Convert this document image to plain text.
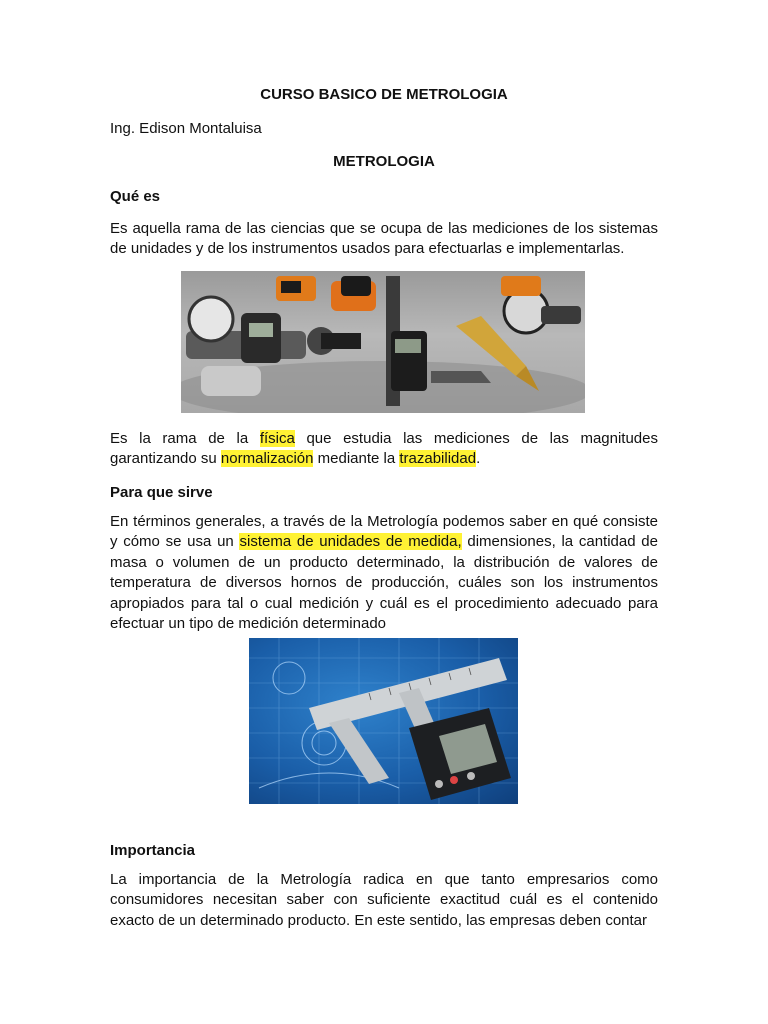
CURSO BASICO DE METROLOGIA
Ing. Edison Montaluisa
METROLOGIA
Qué es
Es aquella rama de las ciencias que se ocupa de las mediciones de los sistemas de unidades y de los instrumentos usados para efectuarlas e implementarlas.
Es la rama de la física que estudia las mediciones de las magnitudes garantizando su normalización mediante la trazabilidad.
Para que sirve
En términos generales, a través de la Metrología podemos saber en qué consiste y cómo se usa un sistema de unidades de medida, dimensiones, la cantidad de masa o volumen de un producto determinado, la distribución de valores de temperatura de diversos hornos de producción, cuáles son los instrumentos apropiados para tal o cual medición y cuál es el procedimiento adecuado para efectuar un tipo de medición determinado
Importancia
La importancia de la Metrología radica en que tanto empresarios como consumidores necesitan saber con suficiente exactitud cuál es el contenido exacto de un determinado producto. En este sentido, las empresas deben contar
